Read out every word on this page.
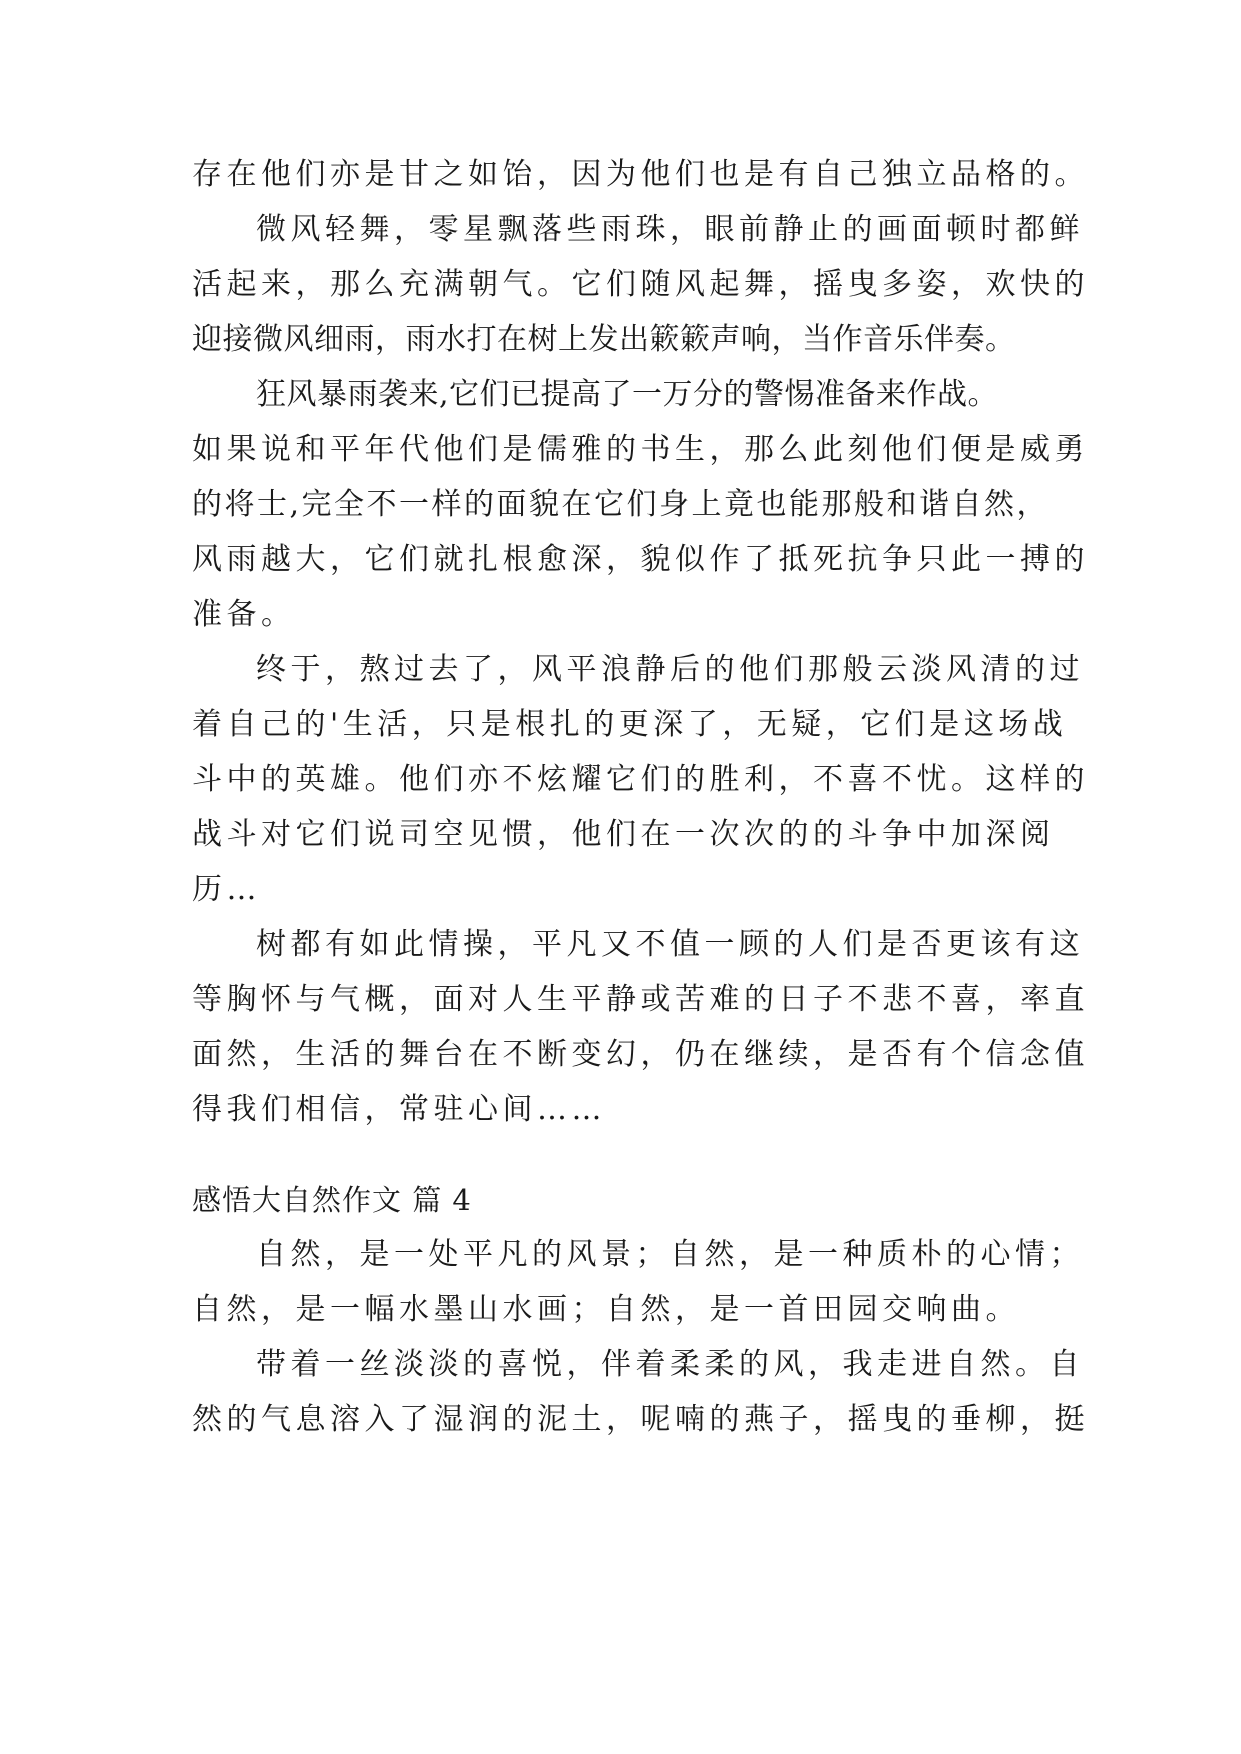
存在他们亦是甘之如饴，因为他们也是有自己独立品格的。
微风轻舞，零星飘落些雨珠，眼前静止的画面顿时都鲜
活起来，那么充满朝气。它们随风起舞，摇曳多姿，欢快的
迎接微风细雨，雨水打在树上发出簌簌声响，当作音乐伴奏。
狂风暴雨袭来,它们已提高了一万分的警惕准备来作战。
如果说和平年代他们是儒雅的书生，那么此刻他们便是威勇
的将士,完全不一样的面貌在它们身上竟也能那般和谐自然，
风雨越大，它们就扎根愈深，貌似作了抵死抗争只此一搏的
准备。
终于，熬过去了，风平浪静后的他们那般云淡风清的过
着自己的'生活，只是根扎的更深了，无疑，它们是这场战
斗中的英雄。他们亦不炫耀它们的胜利，不喜不忧。这样的
战斗对它们说司空见惯，他们在一次次的的斗争中加深阅
历…
树都有如此情操，平凡又不值一顾的人们是否更该有这
等胸怀与气概，面对人生平静或苦难的日子不悲不喜，率直
面然，生活的舞台在不断变幻，仍在继续，是否有个信念值
得我们相信，常驻心间……
感悟大自然作文 篇 4
自然，是一处平凡的风景；自然，是一种质朴的心情；
自然，是一幅水墨山水画；自然，是一首田园交响曲。
带着一丝淡淡的喜悦，伴着柔柔的风，我走进自然。自
然的气息溶入了湿润的泥土，呢喃的燕子，摇曳的垂柳，挺
